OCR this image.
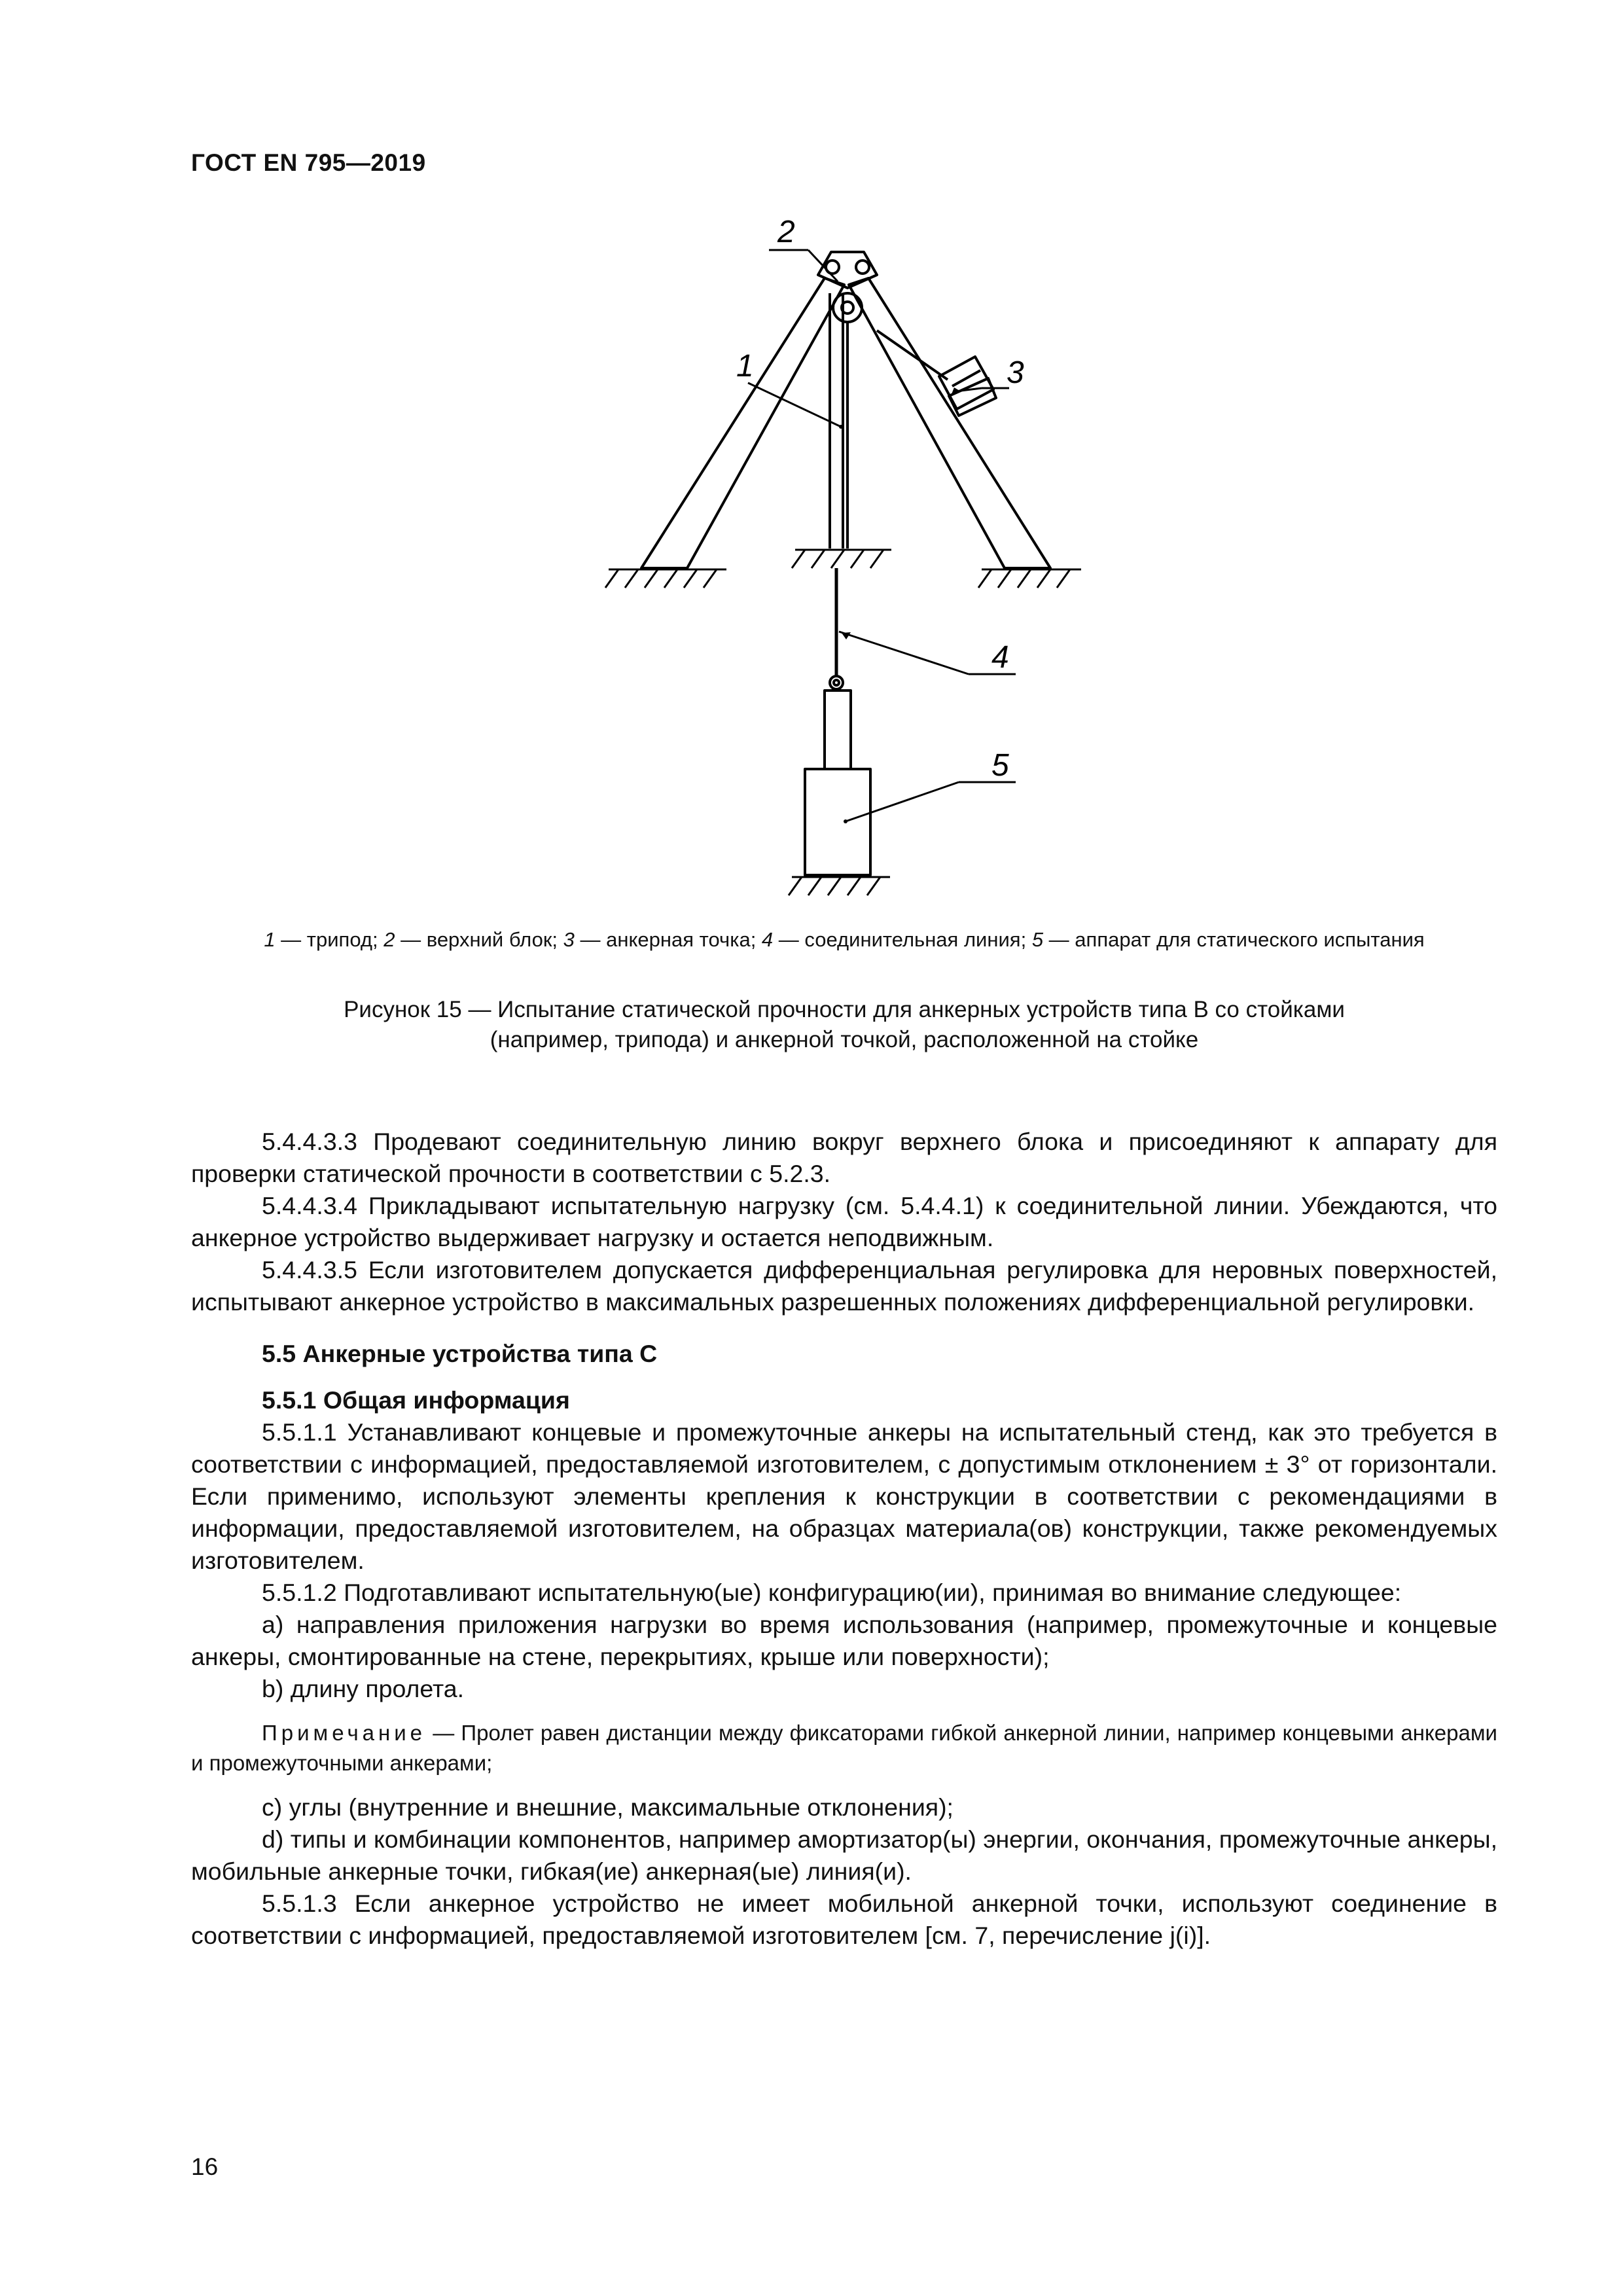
ГОСТ EN 795—2019
1
2
3
4
5
1 — трипод; 2 — верхний блок; 3 — анкерная точка; 4 — соединительная линия; 5 — аппарат для статического испытания
Рисунок 15 — Испытание статической прочности для анкерных устройств типа В со стойками
(например, трипода) и анкерной точкой, расположенной на стойке

5.4.4.3.3 Продевают соединительную линию вокруг верхнего блока и присоединяют к аппарату для проверки статической прочности в соответствии с 5.2.3.

5.4.4.3.4 Прикладывают испытательную нагрузку (см. 5.4.4.1) к соединительной линии. Убеждаются, что анкерное устройство выдерживает нагрузку и остается неподвижным.

5.4.4.3.5 Если изготовителем допускается дифференциальная регулировка для неровных поверхностей, испытывают анкерное устройство в максимальных разрешенных положениях дифференциальной регулировки.

5.5 Анкерные устройства типа С
5.5.1 Общая информация

5.5.1.1 Устанавливают концевые и промежуточные анкеры на испытательный стенд, как это требуется в соответствии с информацией, предоставляемой изготовителем, с допустимым отклонением ± 3° от горизонтали. Если применимо, используют элементы крепления к конструкции в соответствии с рекомендациями в информации, предоставляемой изготовителем, на образцах материала(ов) конструкции, также рекомендуемых изготовителем.

5.5.1.2 Подготавливают испытательную(ые) конфигурацию(ии), принимая во внимание следующее:

а) направления приложения нагрузки во время использования (например, промежуточные и концевые анкеры, смонтированные на стене, перекрытиях, крыше или поверхности);

b) длину пролета.

Примечание — Пролет равен дистанции между фиксаторами гибкой анкерной линии, например концевыми анкерами и промежуточными анкерами;

с) углы (внутренние и внешние, максимальные отклонения);

d) типы и комбинации компонентов, например амортизатор(ы) энергии, окончания, промежуточные анкеры, мобильные анкерные точки, гибкая(ие) анкерная(ые) линия(и).

5.5.1.3 Если анкерное устройство не имеет мобильной анкерной точки, используют соединение в соответствии с информацией, предоставляемой изготовителем [см. 7, перечисление j(i)].

16
